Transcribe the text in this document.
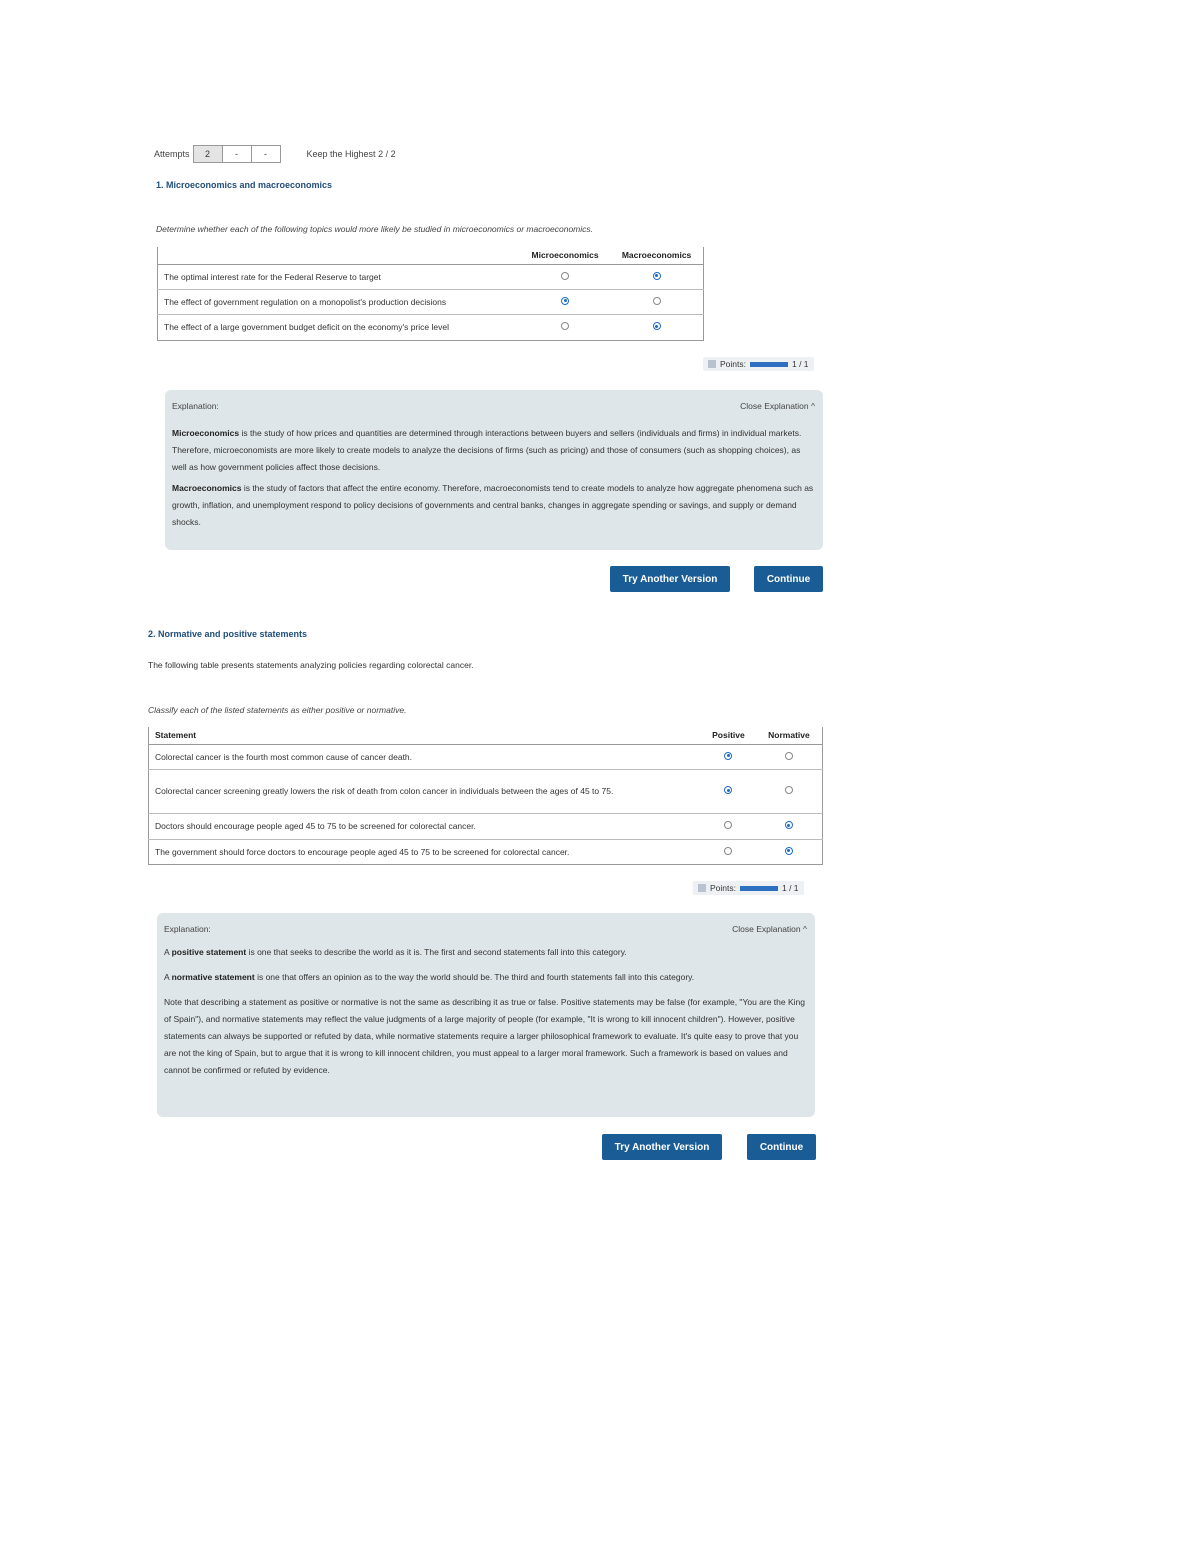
Attempts	2	-	-	Keep the Highest 2 / 2
1. Microeconomics and macroeconomics
Determine whether each of the following topics would more likely be studied in microeconomics or macroeconomics.
	Microeconomics	Macroeconomics
The optimal interest rate for the Federal Reserve to target		
The effect of government regulation on a monopolist's production decisions		
The effect of a large government budget deficit on the economy's price level		
Points:	1 / 1
Explanation:	Close Explanation ^

Microeconomics is the study of how prices and quantities are determined through interactions between buyers and sellers (individuals and firms) in individual markets. Therefore, microeconomists are more likely to create models to analyze the decisions of firms (such as pricing) and those of consumers (such as shopping choices), as well as how government policies affect those decisions.

Macroeconomics is the study of factors that affect the entire economy. Therefore, macroeconomists tend to create models to analyze how aggregate phenomena such as growth, inflation, and unemployment respond to policy decisions of governments and central banks, changes in aggregate spending or savings, and supply or demand shocks.

Try Another Version	Continue
2. Normative and positive statements
The following table presents statements analyzing policies regarding colorectal cancer.
Classify each of the listed statements as either positive or normative.
Statement	Positive	Normative
Colorectal cancer is the fourth most common cause of cancer death.		
Colorectal cancer screening greatly lowers the risk of death from colon cancer in individuals between the ages of 45 to 75.		
Doctors should encourage people aged 45 to 75 to be screened for colorectal cancer.		
The government should force doctors to encourage people aged 45 to 75 to be screened for colorectal cancer.		
Points:	1 / 1
Explanation:	Close Explanation ^

A positive statement is one that seeks to describe the world as it is. The first and second statements fall into this category.

A normative statement is one that offers an opinion as to the way the world should be. The third and fourth statements fall into this category.

Note that describing a statement as positive or normative is not the same as describing it as true or false. Positive statements may be false (for example, "You are the King of Spain"), and normative statements may reflect the value judgments of a large majority of people (for example, "It is wrong to kill innocent children"). However, positive statements can always be supported or refuted by data, while normative statements require a larger philosophical framework to evaluate. It's quite easy to prove that you are not the king of Spain, but to argue that it is wrong to kill innocent children, you must appeal to a larger moral framework. Such a framework is based on values and cannot be confirmed or refuted by evidence.

Try Another Version	Continue
